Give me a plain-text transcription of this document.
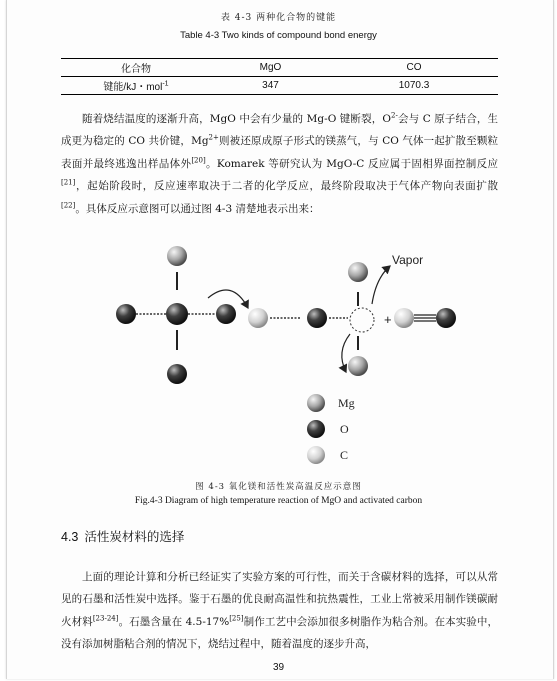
表 4-3 两种化合物的键能
Table 4-3 Two kinds of compound bond energy
化合物	MgO	CO
键能/kJ・mol$^{-1}$	347	1070.3

随着烧结温度的逐渐升高，MgO 中会有少量的 Mg-O 键断裂，$O^{2-}$会与 C 原子结合，生成更为稳定的 CO 共价键，$Mg^{2+}$则被还原成原子形式的镁蒸气，与 CO 气体一起扩散至颗粒表面并最终逃逸出样品体外[20]。Komarek 等研究认为 MgO-C 反应属于固相界面控制反应[21]，起始阶段时，反应速率取决于二者的化学反应，最终阶段取决于气体产物向表面扩散[22]。具体反应示意图可以通过图 4-3 清楚地表示出来：

Vapor
+
Mg
O
C
图 4-3 氧化镁和活性炭高温反应示意图
Fig.4-3 Diagram of high temperature reaction of MgO and activated carbon
4.3 活性炭材料的选择

上面的理论计算和分析已经证实了实验方案的可行性，而关于含碳材料的选择，可以从常见的石墨和活性炭中选择。鉴于石墨的优良耐高温性和抗热震性，工业上常被采用制作镁碳耐火材料[23-24]。石墨含量在 4.5-17%[25]制作工艺中会添加很多树脂作为粘合剂。在本实验中，没有添加树脂粘合剂的情况下，烧结过程中，随着温度的逐步升高，

39
